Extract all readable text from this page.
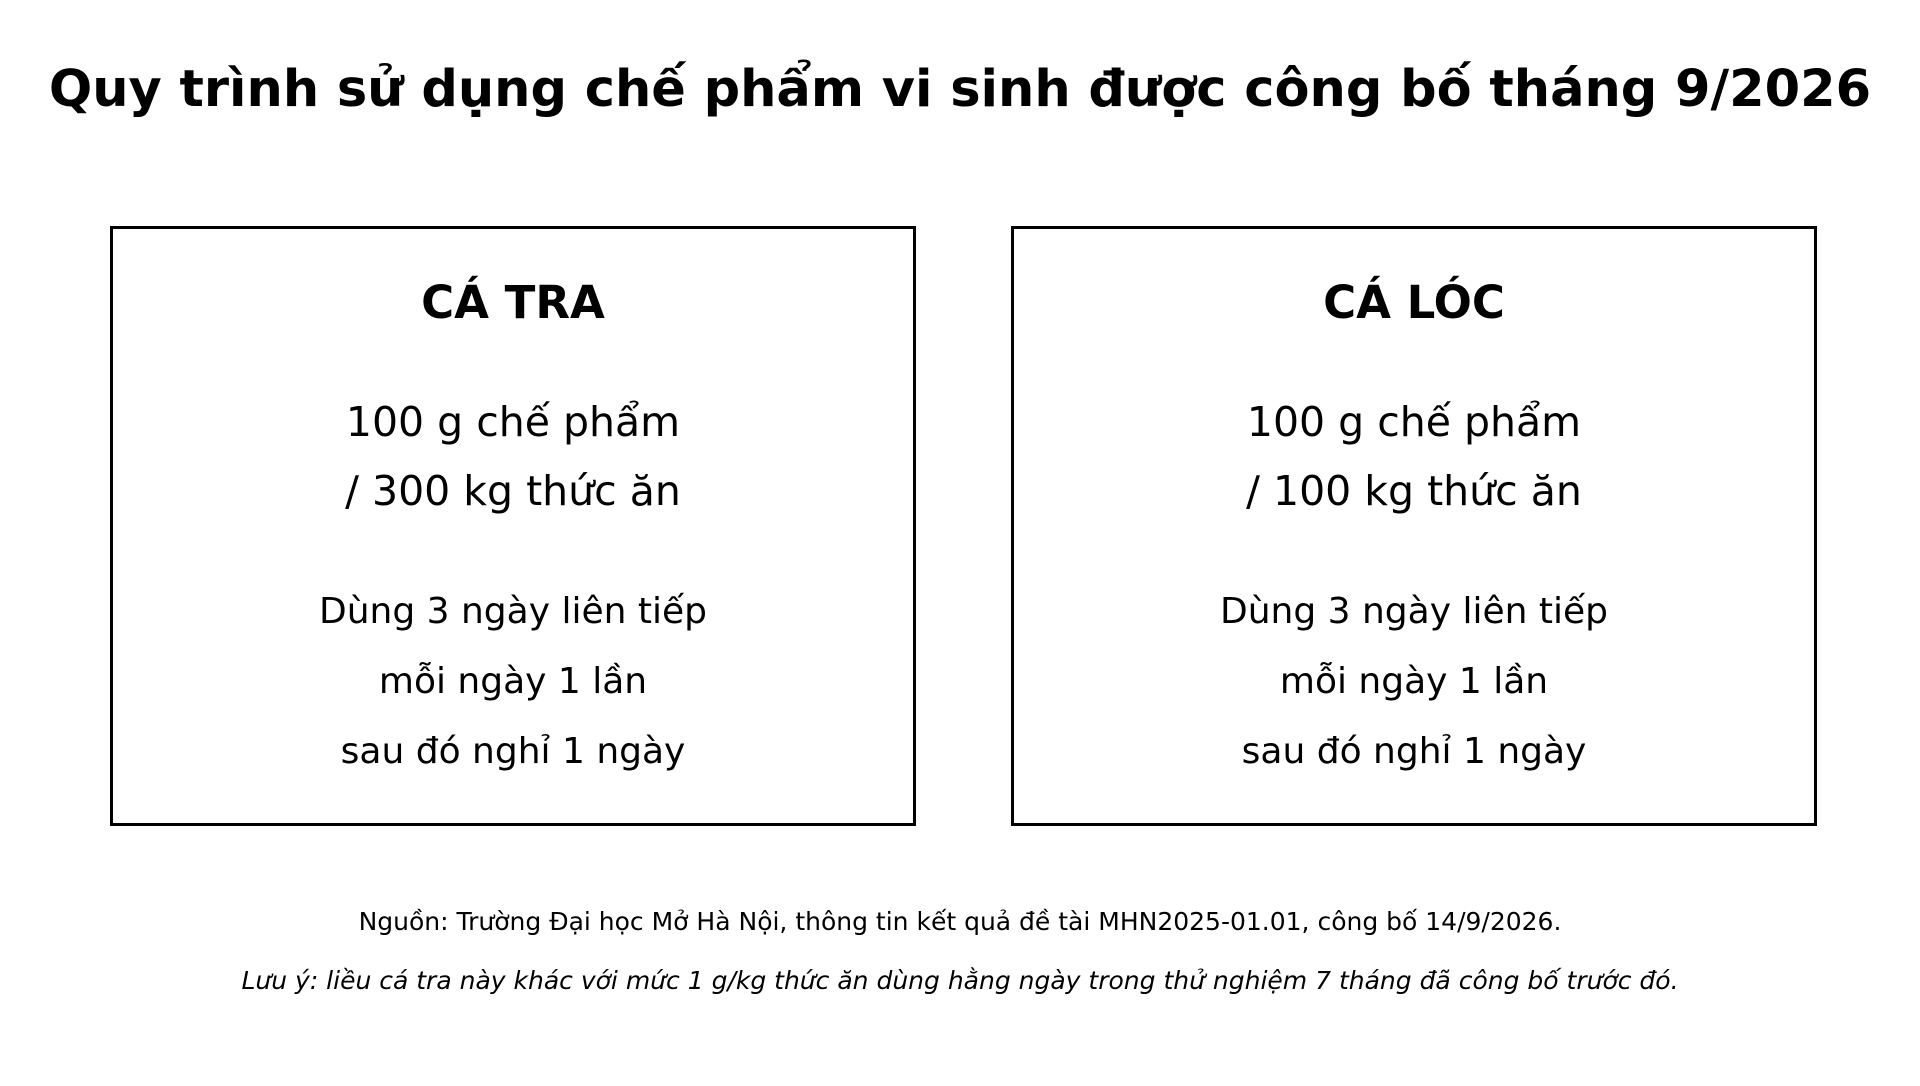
Quy trình sử dụng chế phẩm vi sinh được công bố tháng 9/2026
CÁ TRA
100 g chế phẩm
/ 300 kg thức ăn
Dùng 3 ngày liên tiếp
mỗi ngày 1 lần
sau đó nghỉ 1 ngày
CÁ LÓC
100 g chế phẩm
/ 100 kg thức ăn
Dùng 3 ngày liên tiếp
mỗi ngày 1 lần
sau đó nghỉ 1 ngày
Nguồn: Trường Đại học Mở Hà Nội, thông tin kết quả đề tài MHN2025-01.01, công bố 14/9/2026.
Lưu ý: liều cá tra này khác với mức 1 g/kg thức ăn dùng hằng ngày trong thử nghiệm 7 tháng đã công bố trước đó.
